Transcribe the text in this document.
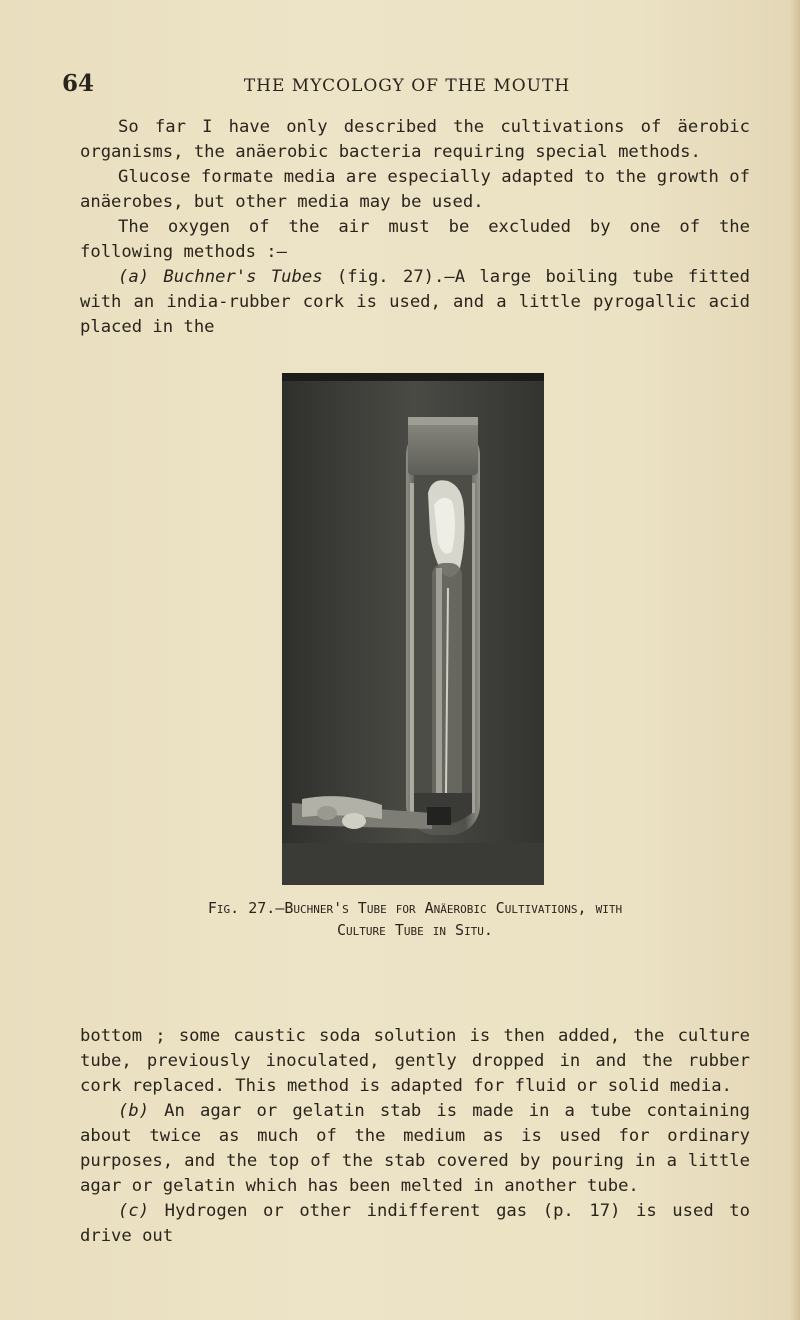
64	THE MYCOLOGY OF THE MOUTH

So far I have only described the cultivations of äerobic organisms, the anäerobic bacteria requiring special methods.

Glucose formate media are especially adapted to the growth of anäerobes, but other media may be used.

The oxygen of the air must be excluded by one of the following methods :—

(a) Buchner's Tubes (fig. 27).—A large boiling tube fitted with an india-rubber cork is used, and a little pyrogallic acid placed in the

Fig. 27.—Buchner's Tube for Anäerobic Cultivations, with

Culture Tube in Situ.

bottom ; some caustic soda solution is then added, the culture tube, previously inoculated, gently dropped in and the rubber cork replaced. This method is adapted for fluid or solid media.

(b) An agar or gelatin stab is made in a tube containing about twice as much of the medium as is used for ordinary purposes, and the top of the stab covered by pouring in a little agar or gelatin which has been melted in another tube.

(c) Hydrogen or other indifferent gas (p. 17) is used to drive out
